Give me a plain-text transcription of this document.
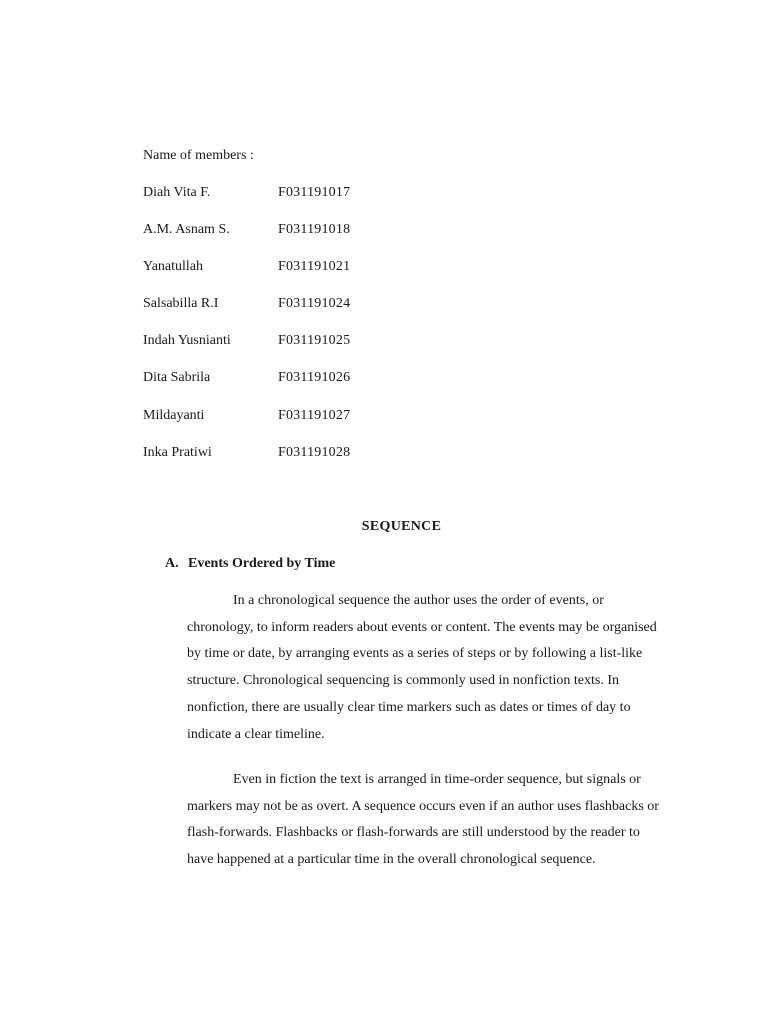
Name of members :
Diah Vita F.	F031191017
A.M. Asnam S.	F031191018
Yanatullah	F031191021
Salsabilla R.I	F031191024
Indah Yusnianti	F031191025
Dita Sabrila	F031191026
Mildayanti	F031191027
Inka Pratiwi	F031191028
SEQUENCE
A. Events Ordered by Time

In a chronological sequence the author uses the order of events, or chronology, to inform readers about events or content. The events may be organised by time or date, by arranging events as a series of steps or by following a list-like structure. Chronological sequencing is commonly used in nonfiction texts. In nonfiction, there are usually clear time markers such as dates or times of day to indicate a clear timeline.

Even in fiction the text is arranged in time-order sequence, but signals or markers may not be as overt. A sequence occurs even if an author uses flashbacks or flash-forwards. Flashbacks or flash-forwards are still understood by the reader to have happened at a particular time in the overall chronological sequence.
